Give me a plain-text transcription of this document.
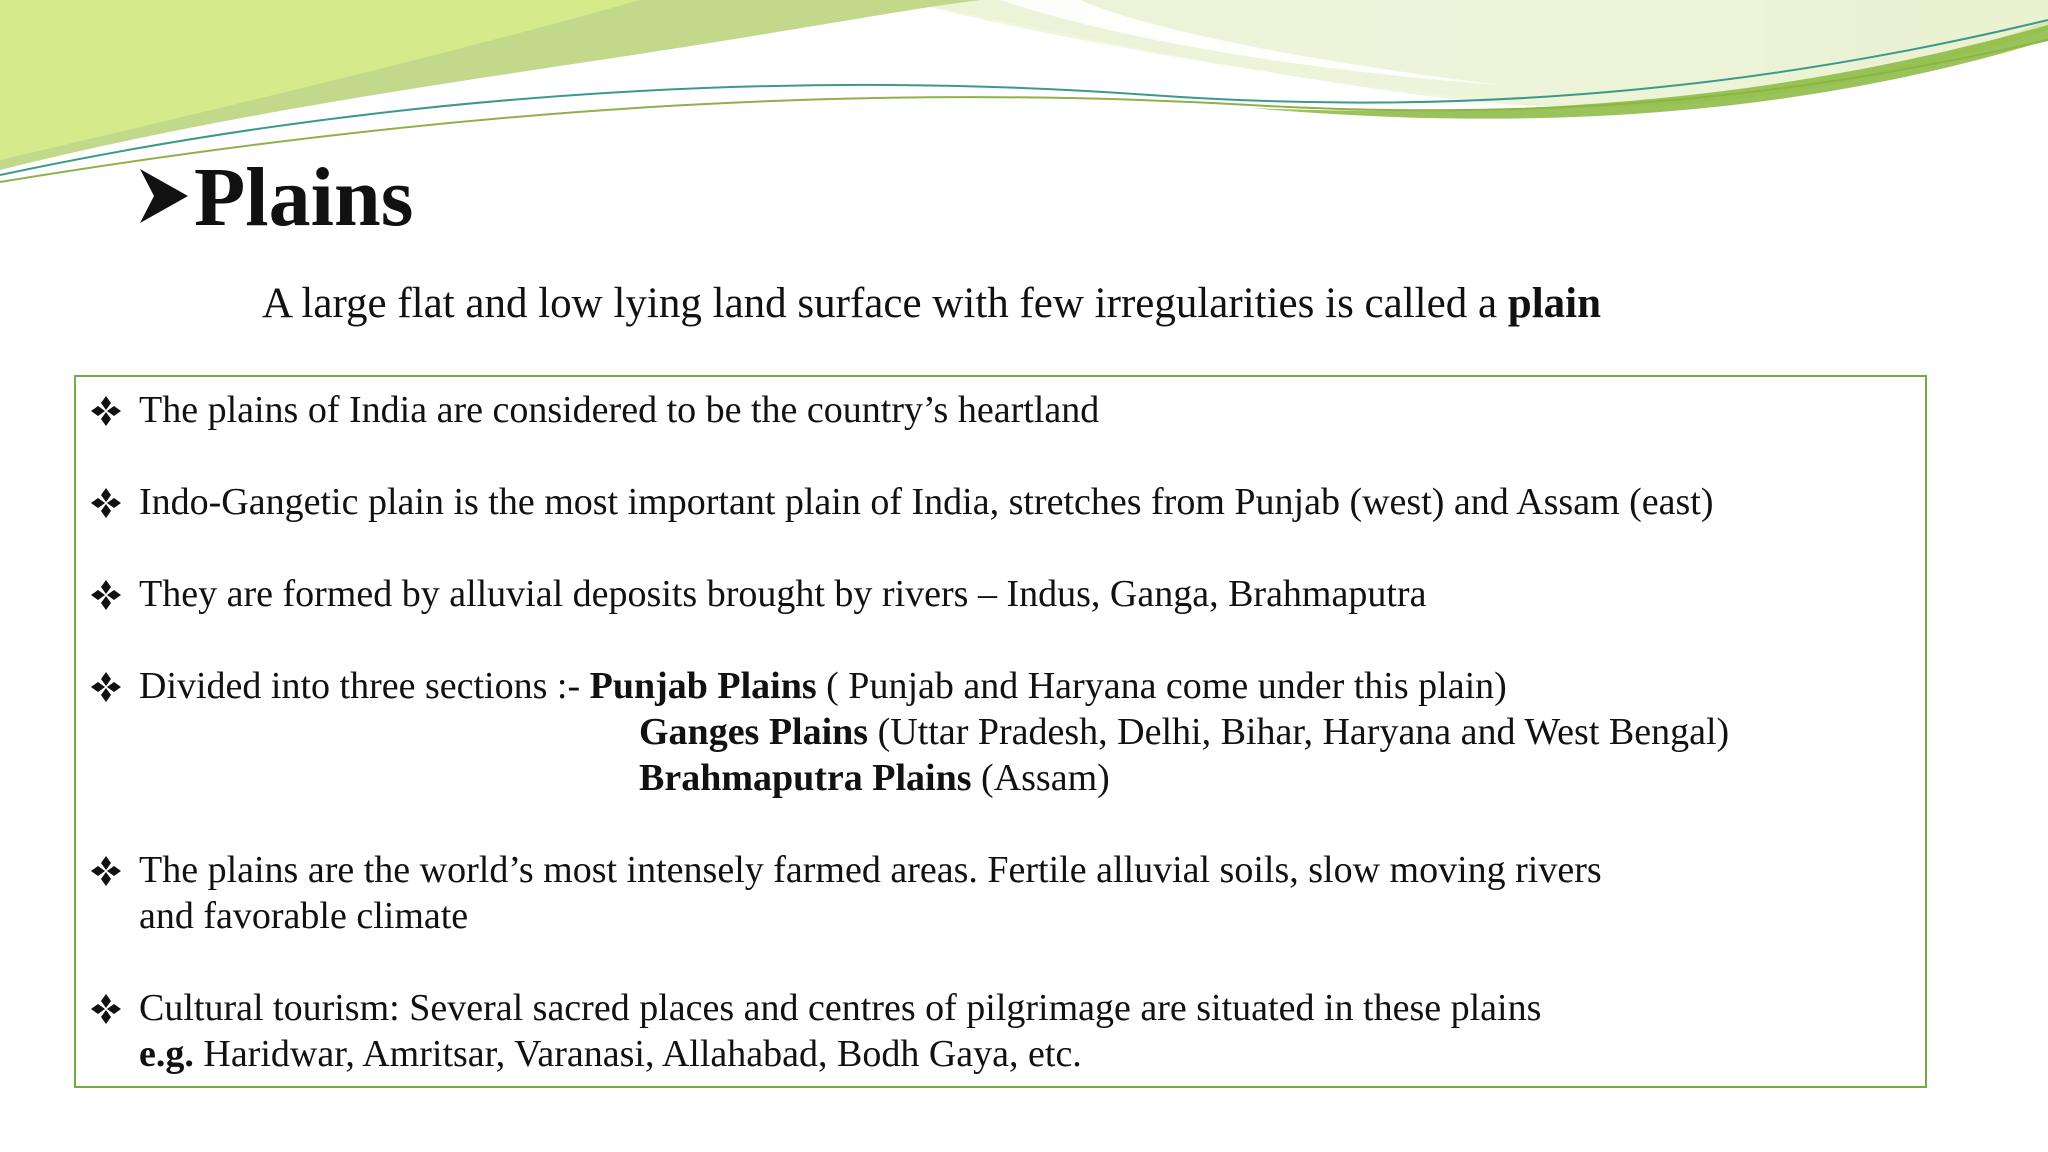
Plains
A large flat and low lying land surface with few irregularities is called a plain
The plains of India are considered to be the country’s heartland
Indo-Gangetic plain is the most important plain of India, stretches from Punjab (west) and Assam (east)
They are formed by alluvial deposits brought by rivers – Indus, Ganga, Brahmaputra
Divided into three sections :- Punjab Plains ( Punjab and Haryana come under this plain)
Ganges Plains (Uttar Pradesh, Delhi, Bihar, Haryana and West Bengal)
Brahmaputra Plains (Assam)
The plains are the world’s most intensely farmed areas. Fertile alluvial soils, slow moving rivers
and favorable climate
Cultural tourism: Several sacred places and centres of pilgrimage are situated in these plains
e.g. Haridwar, Amritsar, Varanasi, Allahabad, Bodh Gaya, etc.
